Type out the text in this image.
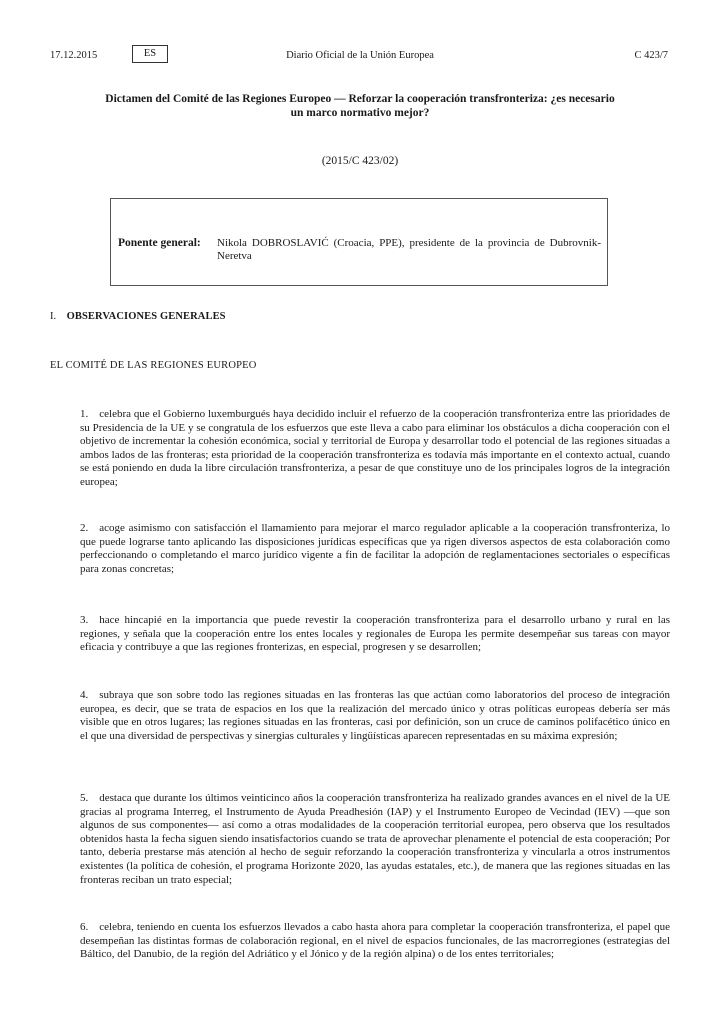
17.12.2015	ES	Diario Oficial de la Unión Europea	C 423/7
Dictamen del Comité de las Regiones Europeo — Reforzar la cooperación transfronteriza: ¿es necesario un marco normativo mejor?
(2015/C 423/02)
Ponente general: Nikola DOBROSLAVIĆ (Croacia, PPE), presidente de la provincia de Dubrovnik-Neretva
I. OBSERVACIONES GENERALES
EL COMITÉ DE LAS REGIONES EUROPEO
1. celebra que el Gobierno luxemburgués haya decidido incluir el refuerzo de la cooperación transfronteriza entre las prioridades de su Presidencia de la UE y se congratula de los esfuerzos que este lleva a cabo para eliminar los obstáculos a dicha cooperación con el objetivo de incrementar la cohesión económica, social y territorial de Europa y desarrollar todo el potencial de las regiones situadas a ambos lados de las fronteras; esta prioridad de la cooperación transfronteriza es todavía más importante en el contexto actual, cuando se está poniendo en duda la libre circulación transfronteriza, a pesar de que constituye uno de los principales logros de la integración europea;
2. acoge asimismo con satisfacción el llamamiento para mejorar el marco regulador aplicable a la cooperación transfronteriza, lo que puede lograrse tanto aplicando las disposiciones jurídicas específicas que ya rigen diversos aspectos de esta colaboración como perfeccionando o completando el marco jurídico vigente a fin de facilitar la adopción de reglamentaciones sectoriales o específicas para zonas concretas;
3. hace hincapié en la importancia que puede revestir la cooperación transfronteriza para el desarrollo urbano y rural en las regiones, y señala que la cooperación entre los entes locales y regionales de Europa les permite desempeñar sus tareas con mayor eficacia y contribuye a que las regiones fronterizas, en especial, progresen y se desarrollen;
4. subraya que son sobre todo las regiones situadas en las fronteras las que actúan como laboratorios del proceso de integración europea, es decir, que se trata de espacios en los que la realización del mercado único y otras políticas europeas debería ser más visible que en otros lugares; las regiones situadas en las fronteras, casi por definición, son un cruce de caminos polifacético único en el que una diversidad de perspectivas y sinergias culturales y lingüísticas aparecen representadas en su máxima expresión;
5. destaca que durante los últimos veinticinco años la cooperación transfronteriza ha realizado grandes avances en el nivel de la UE gracias al programa Interreg, el Instrumento de Ayuda Preadhesión (IAP) y el Instrumento Europeo de Vecindad (IEV) —que son algunos de sus componentes— así como a otras modalidades de la cooperación territorial europea, pero observa que los resultados obtenidos hasta la fecha siguen siendo insatisfactorios cuando se trata de aprovechar plenamente el potencial de esta cooperación; Por tanto, debería prestarse más atención al hecho de seguir reforzando la cooperación transfronteriza y vincularla a otros instrumentos existentes (la política de cohesión, el programa Horizonte 2020, las ayudas estatales, etc.), de manera que las regiones situadas en las fronteras reciban un trato especial;
6. celebra, teniendo en cuenta los esfuerzos llevados a cabo hasta ahora para completar la cooperación transfronteriza, el papel que desempeñan las distintas formas de colaboración regional, en el nivel de espacios funcionales, de las macrorregiones (estrategias del Báltico, del Danubio, de la región del Adriático y el Jónico y de la región alpina) o de los entes territoriales;
